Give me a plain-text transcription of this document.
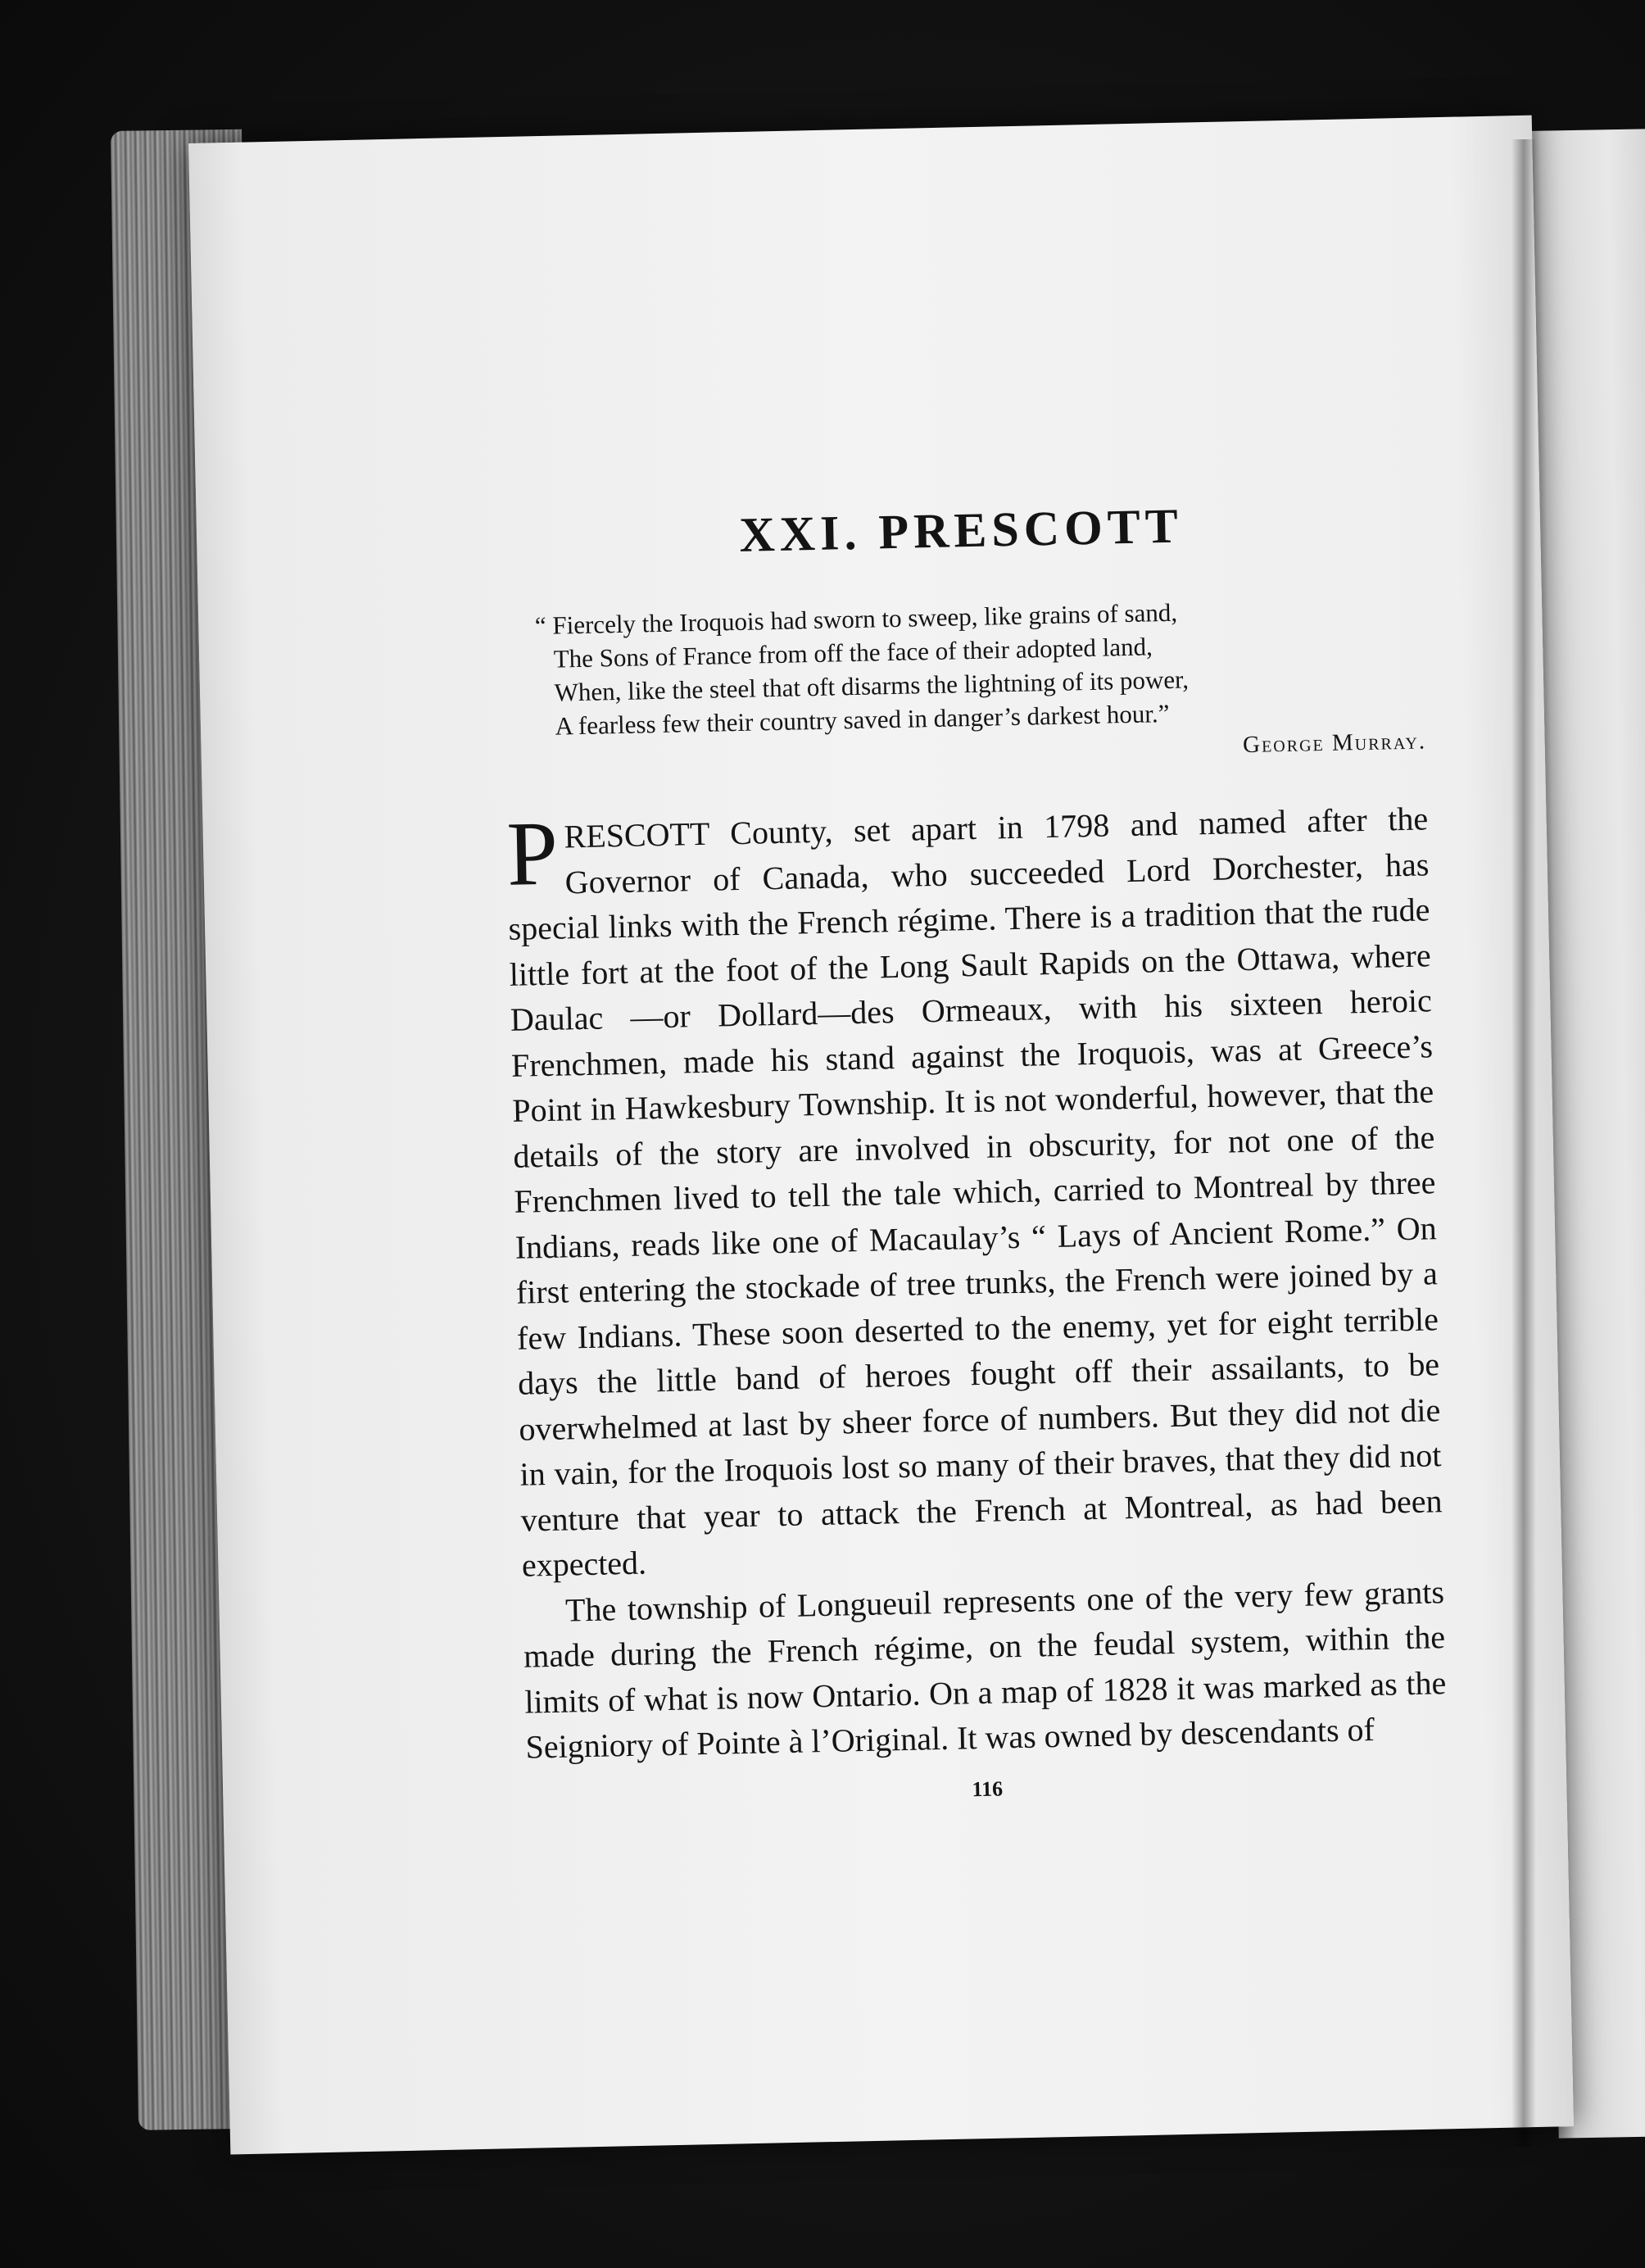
XXI. PRESCOTT
“ Fiercely the Iroquois had sworn to sweep, like grains of sand,
The Sons of France from off the face of their adopted land,
When, like the steel that oft disarms the lightning of its power,
A fearless few their country saved in danger’s darkest hour.”
George Murray.

PRESCOTT County, set apart in 1798 and named after the Governor of Canada, who succeeded Lord Dorchester, has special links with the French régime. There is a tradition that the rude little fort at the foot of the Long Sault Rapids on the Ottawa, where Daulac —or Dollard—des Ormeaux, with his sixteen heroic Frenchmen, made his stand against the Iroquois, was at Greece’s Point in Hawkesbury Township. It is not wonderful, however, that the details of the story are involved in obscurity, for not one of the Frenchmen lived to tell the tale which, carried to Montreal by three Indians, reads like one of Macaulay’s “ Lays of Ancient Rome.” On first entering the stockade of tree trunks, the French were joined by a few Indians. These soon deserted to the enemy, yet for eight terrible days the little band of heroes fought off their assailants, to be overwhelmed at last by sheer force of numbers. But they did not die in vain, for the Iroquois lost so many of their braves, that they did not venture that year to attack the French at Montreal, as had been expected.

The township of Longueuil represents one of the very few grants made during the French régime, on the feudal system, within the limits of what is now Ontario. On a map of 1828 it was marked as the Seigniory of Pointe à l’Original. It was owned by descendants of

116
